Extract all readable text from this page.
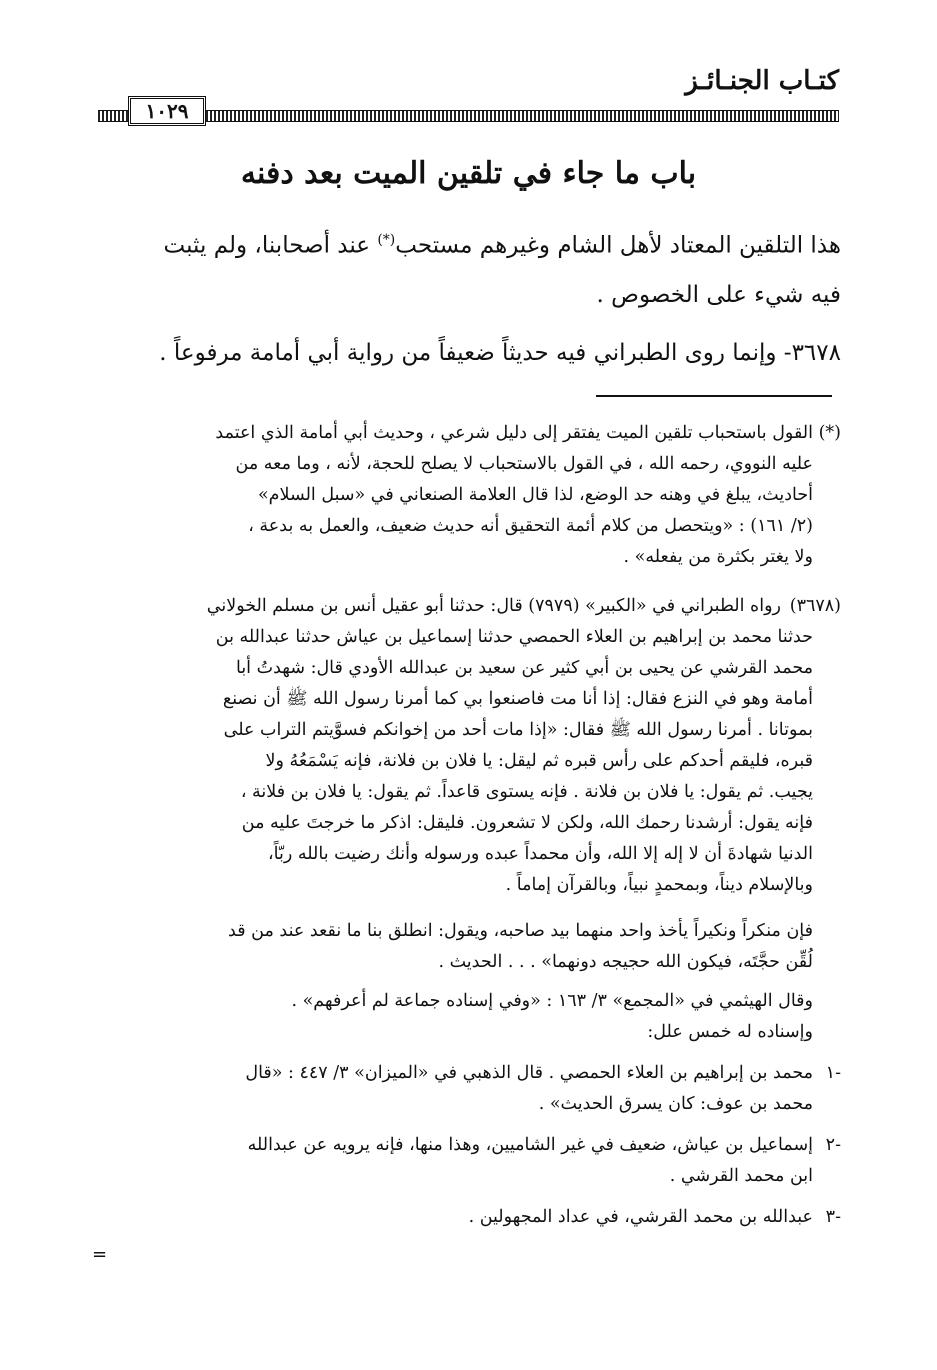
كتـاب الجنـائـز
١٠٢٩
باب ما جاء في تلقين الميت بعد دفنه
هذا التلقين المعتاد لأهل الشام وغيرهم مستحب(*) عند أصحابنا، ولم يثبت
فيه شيء على الخصوص .
٣٦٧٨- وإنما روى الطبراني فيه حديثاً ضعيفاً من رواية أبي أمامة مرفوعاً .
(*)
القول باستحباب تلقين الميت يفتقر إلى دليل شرعي ، وحديث أبي أمامة الذي اعتمد
عليه النووي، رحمه الله ، في القول بالاستحباب لا يصلح للحجة، لأنه ، وما معه من
أحاديث، يبلغ في وهنه حد الوضع، لذا قال العلامة الصنعاني في «سبل السلام»
(٢/ ١٦١) : «ويتحصل من كلام أئمة التحقيق أنه حديث ضعيف، والعمل به بدعة ،
ولا يغتر بكثرة من يفعله» .
(٣٦٧٨)
رواه الطبراني في «الكبير» (٧٩٧٩) قال: حدثنا أبو عقيل أنس بن مسلم الخولاني
حدثنا محمد بن إبراهيم بن العلاء الحمصي حدثنا إسماعيل بن عياش حدثنا عبدالله بن
محمد القرشي عن يحيى بن أبي كثير عن سعيد بن عبدالله الأودي قال: شهدتُ أبا
أمامة وهو في النزع فقال: إذا أنا مت فاصنعوا بي كما أمرنا رسول الله ﷺ أن نصنع
بموتانا . أمرنا رسول الله ﷺ فقال: «إذا مات أحد من إخوانكم فسوَّيتم التراب على
قبره، فليقم أحدكم على رأس قبره ثم ليقل: يا فلان بن فلانة، فإنه يَسْمَعُهُ ولا
يجيب. ثم يقول: يا فلان بن فلانة . فإنه يستوى قاعداً. ثم يقول: يا فلان بن فلانة ،
فإنه يقول: أرشدنا رحمك الله، ولكن لا تشعرون. فليقل: اذكر ما خرجتَ عليه من
الدنيا شهادةَ أن لا إله إلا الله، وأن محمداً عبده ورسوله وأنك رضيت بالله ربّاً،
وبالإسلام ديناً، وبمحمدٍ نبياً، وبالقرآن إماماً .
فإن منكراً ونكيراً يأخذ واحد منهما بيد صاحبه، ويقول: انطلق بنا ما نقعد عند من قد
لُقِّن حجَّتَه، فيكون الله حجيجه دونهما» . . . الحديث .
وقال الهيثمي في «المجمع» ٣/ ١٦٣ : «وفي إسناده جماعة لم أعرفهم» .
وإسناده له خمس علل:
١-
محمد بن إبراهيم بن العلاء الحمصي . قال الذهبي في «الميزان» ٣/ ٤٤٧ : «قال
محمد بن عوف: كان يسرق الحديث» .
٢-
إسماعيل بن عياش، ضعيف في غير الشاميين، وهذا منها، فإنه يرويه عن عبدالله
ابن محمد القرشي .
٣-
عبدالله بن محمد القرشي، في عداد المجهولين .
=
